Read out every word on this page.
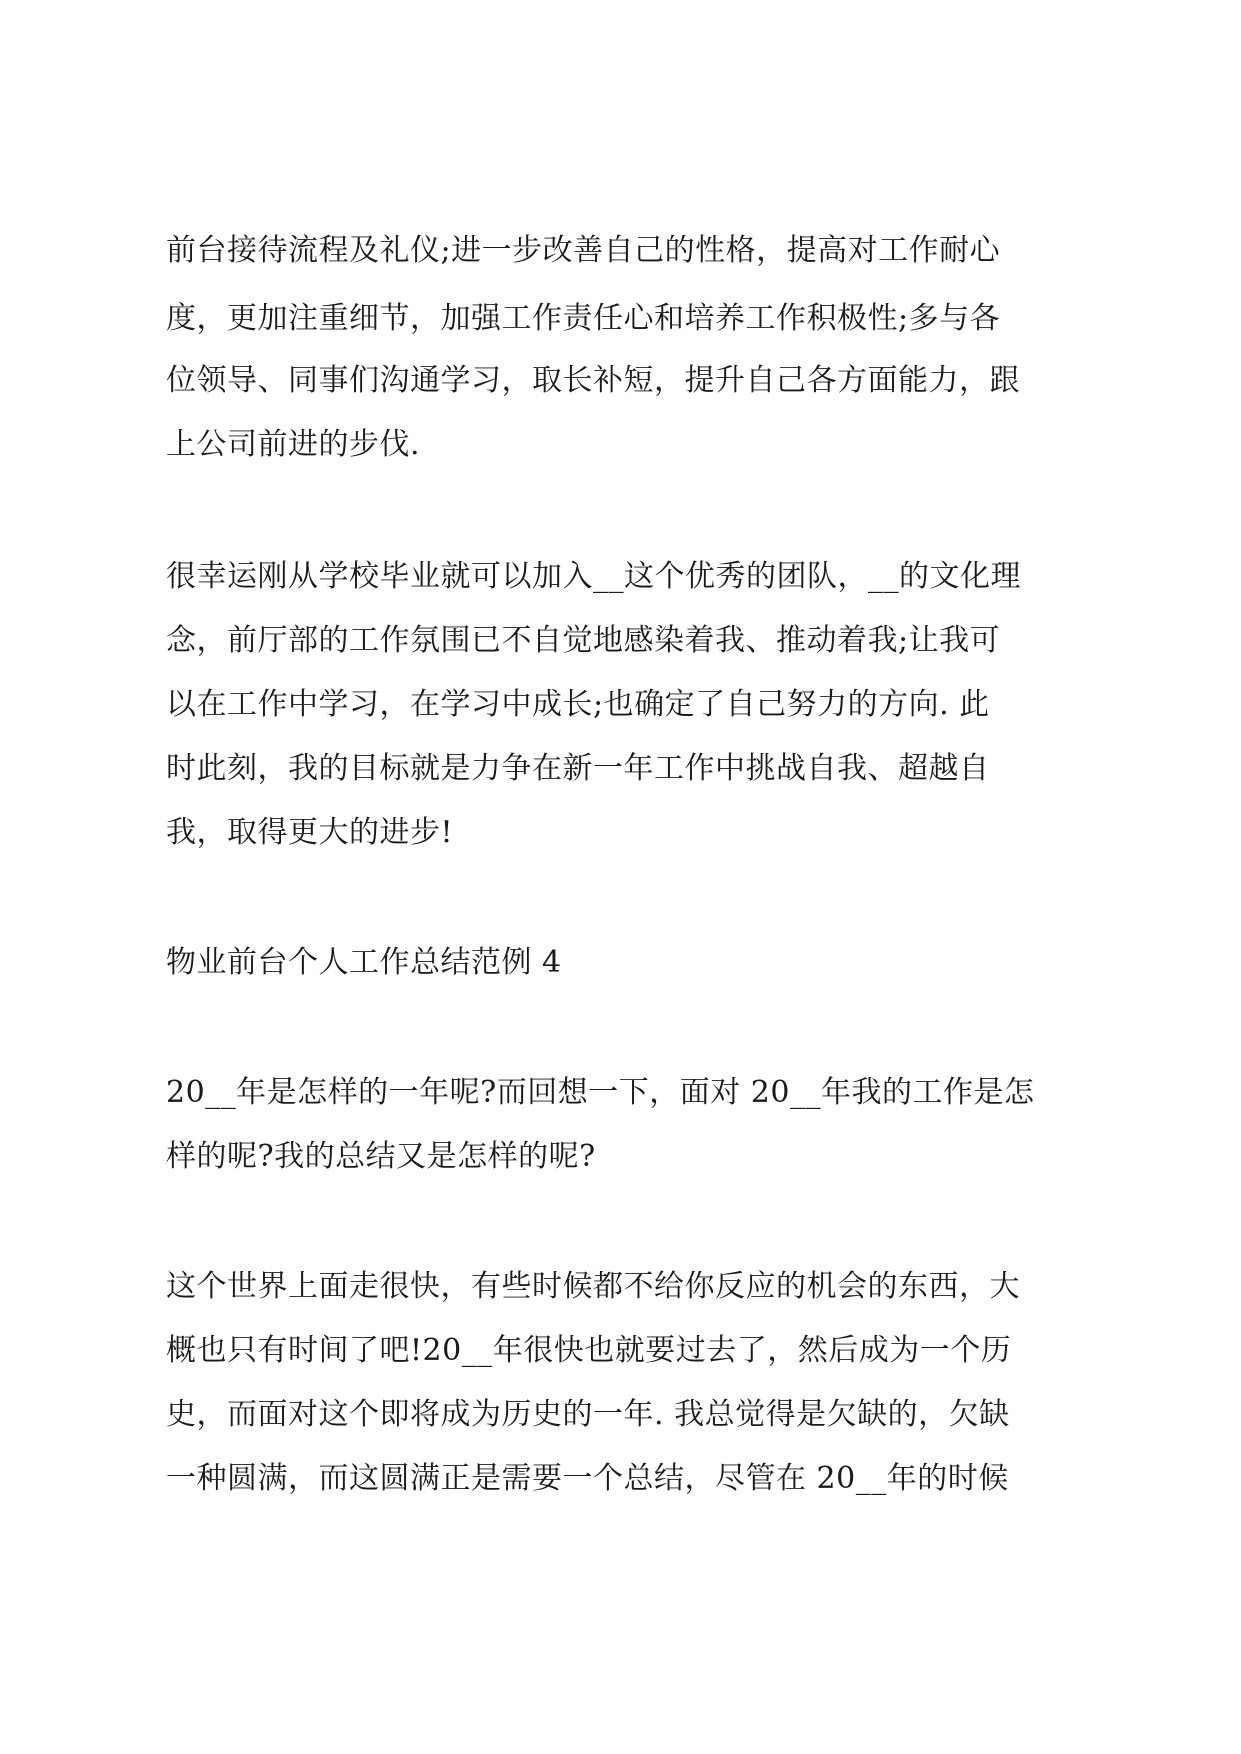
前台接待流程及礼仪;进一步改善自己的性格，提高对工作耐心
度，更加注重细节，加强工作责任心和培养工作积极性;多与各
位领导、同事们沟通学习，取长补短，提升自己各方面能力，跟
上公司前进的步伐.
很幸运刚从学校毕业就可以加入__这个优秀的团队，__的文化理
念，前厅部的工作氛围已不自觉地感染着我、推动着我;让我可
以在工作中学习，在学习中成长;也确定了自己努力的方向. 此
时此刻，我的目标就是力争在新一年工作中挑战自我、超越自
我，取得更大的进步!
物业前台个人工作总结范例 4
20__年是怎样的一年呢?而回想一下，面对 20__年我的工作是怎
样的呢?我的总结又是怎样的呢?
这个世界上面走很快，有些时候都不给你反应的机会的东西，大
概也只有时间了吧!20__年很快也就要过去了，然后成为一个历
史，而面对这个即将成为历史的一年. 我总觉得是欠缺的，欠缺
一种圆满，而这圆满正是需要一个总结，尽管在 20__年的时候
